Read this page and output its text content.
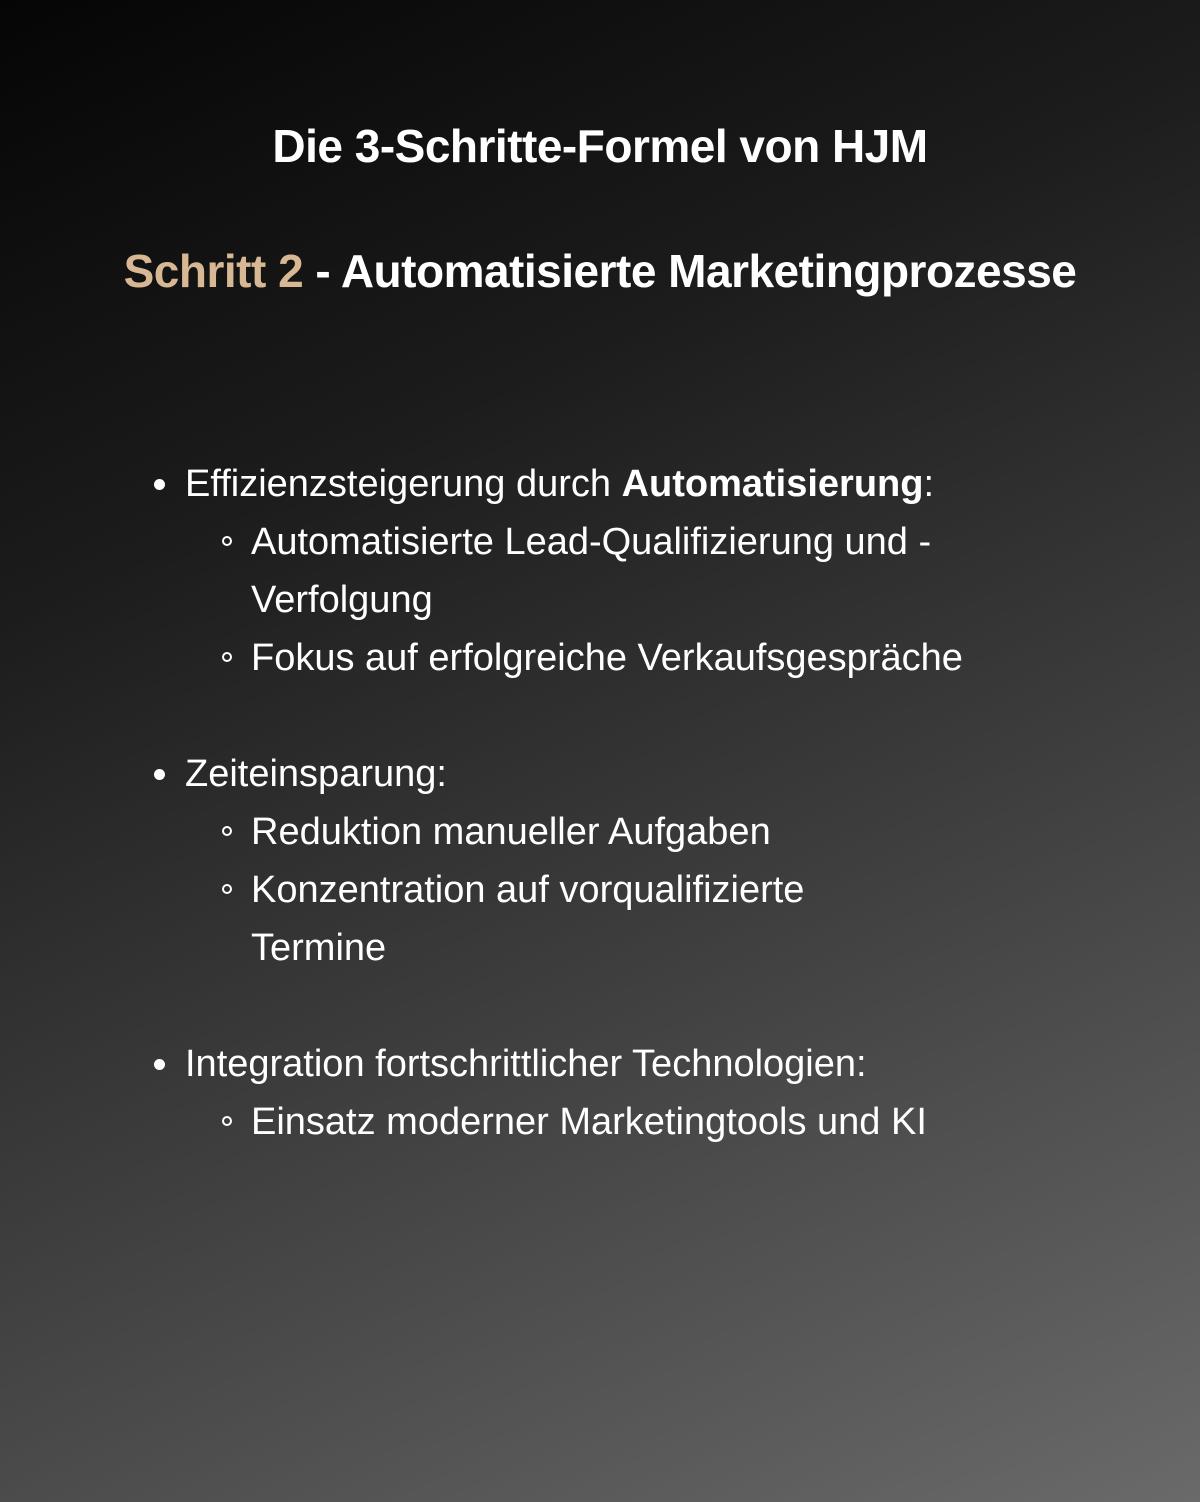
Die 3-Schritte-Formel von HJM
Schritt 2 - Automatisierte Marketingprozesse
Effizienzsteigerung durch Automatisierung:
Automatisierte Lead-Qualifizierung und -Verfolgung
Fokus auf erfolgreiche Verkaufsgespräche
Zeiteinsparung:
Reduktion manueller Aufgaben
Konzentration auf vorqualifizierte Termine
Integration fortschrittlicher Technologien:
Einsatz moderner Marketingtools und KI
